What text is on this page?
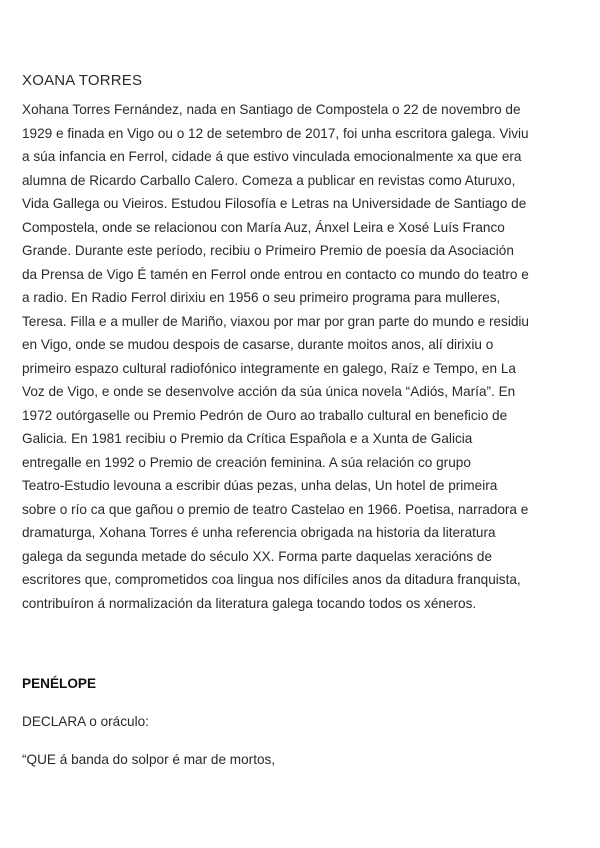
XOANA TORRES
Xohana Torres Fernández, nada en Santiago de Compostela o 22 de novembro de
1929 e finada en Vigo ou o 12 de setembro de 2017, foi unha escritora galega. Viviu
a súa infancia en Ferrol, cidade á que estivo vinculada emocionalmente xa que era
alumna de Ricardo Carballo Calero. Comeza a publicar en revistas como Aturuxo,
Vida Gallega ou Vieiros. Estudou Filosofía e Letras na Universidade de Santiago de
Compostela, onde se relacionou con María Auz, Ánxel Leira e Xosé Luís Franco
Grande. Durante este período, recibiu o Primeiro Premio de poesía da Asociación
da Prensa de Vigo É tamén en Ferrol onde entrou en contacto co mundo do teatro e
a radio. En Radio Ferrol dirixiu en 1956 o seu primeiro programa para mulleres,
Teresa. Filla e a muller de Mariño, viaxou por mar por gran parte do mundo e residiu
en Vigo, onde se mudou despois de casarse, durante moitos anos, alí dirixiu o
primeiro espazo cultural radiofónico integramente en galego, Raíz e Tempo, en La
Voz de Vigo, e onde se desenvolve acción da súa única novela “Adiós, María”. En
1972 outórgaselle ou Premio Pedrón de Ouro ao traballo cultural en beneficio de
Galicia. En 1981 recibiu o Premio da Crítica Española e a Xunta de Galicia
entregalle en 1992 o Premio de creación feminina. A súa relación co grupo
Teatro-Estudio levouna a escribir dúas pezas, unha delas, Un hotel de primeira
sobre o río ca que gañou o premio de teatro Castelao en 1966. Poetisa, narradora e
dramaturga, Xohana Torres é unha referencia obrigada na historia da literatura
galega da segunda metade do século XX. Forma parte daquelas xeracións de
escritores que, comprometidos coa lingua nos difíciles anos da ditadura franquista,
contribuíron á normalización da literatura galega tocando todos os xéneros.
PENÉLOPE
DECLARA o oráculo:
“QUE á banda do solpor é mar de mortos,
